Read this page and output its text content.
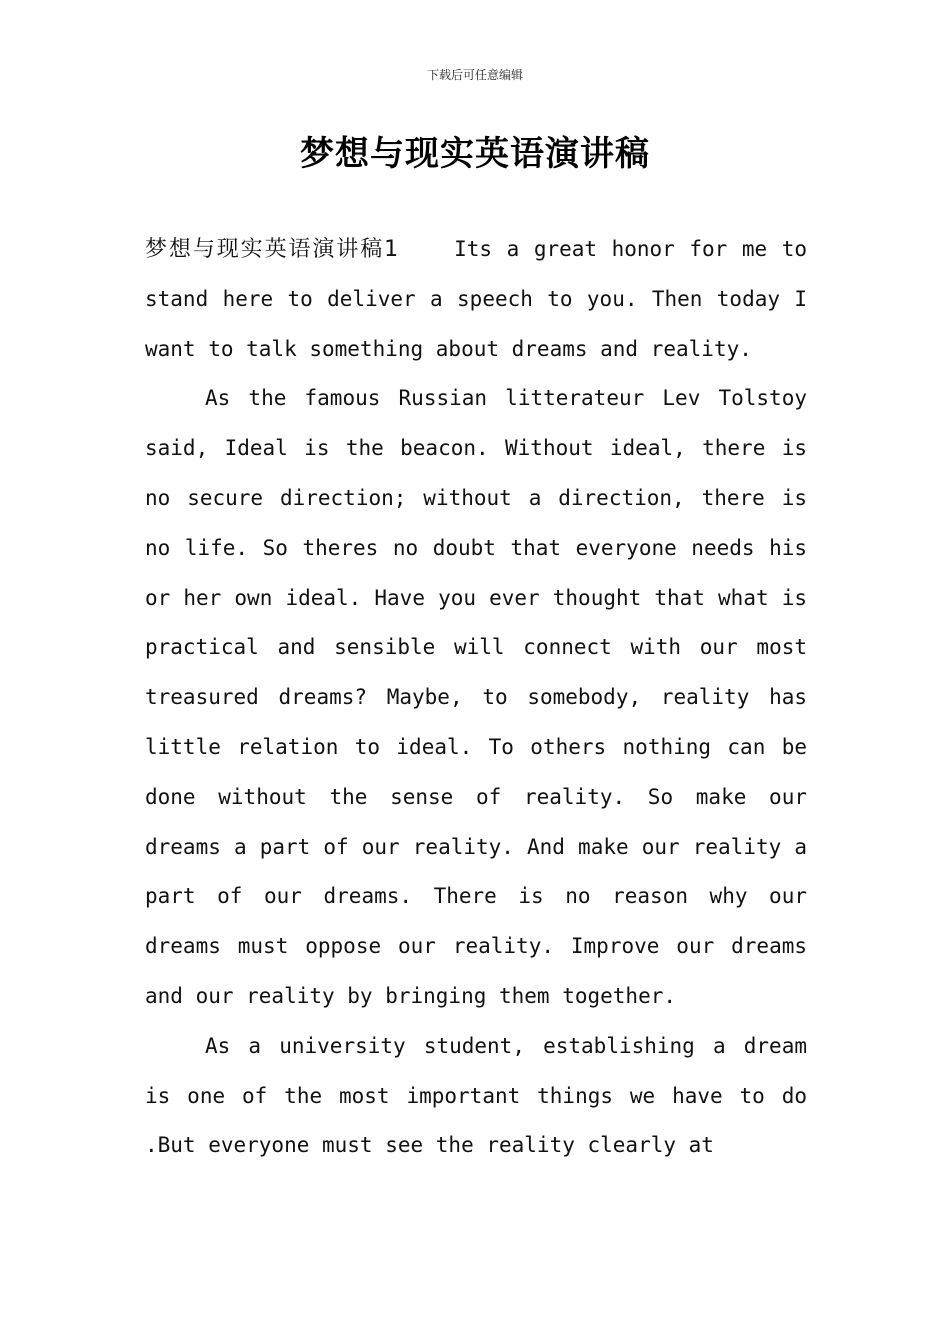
下载后可任意编辑
梦想与现实英语演讲稿

梦想与现实英语演讲稿1	Its a great honor for me to stand here to deliver a speech to you. Then today I want to talk something about dreams and reality.

As the famous Russian litterateur Lev Tolstoy said, Ideal is the beacon. Without ideal, there is no secure direction; without a direction, there is no life. So theres no doubt that everyone needs his or her own ideal. Have you ever thought that what is practical and sensible will connect with our most treasured dreams? Maybe, to somebody, reality has little relation to ideal. To others nothing can be done without the sense of reality. So make our dreams a part of our reality. And make our reality a part of our dreams. There is no reason why our dreams must oppose our reality. Improve our dreams and our reality by bringing them together.

As a university student, establishing a dream is one of the most important things we have to do .But everyone must see the reality clearly at
